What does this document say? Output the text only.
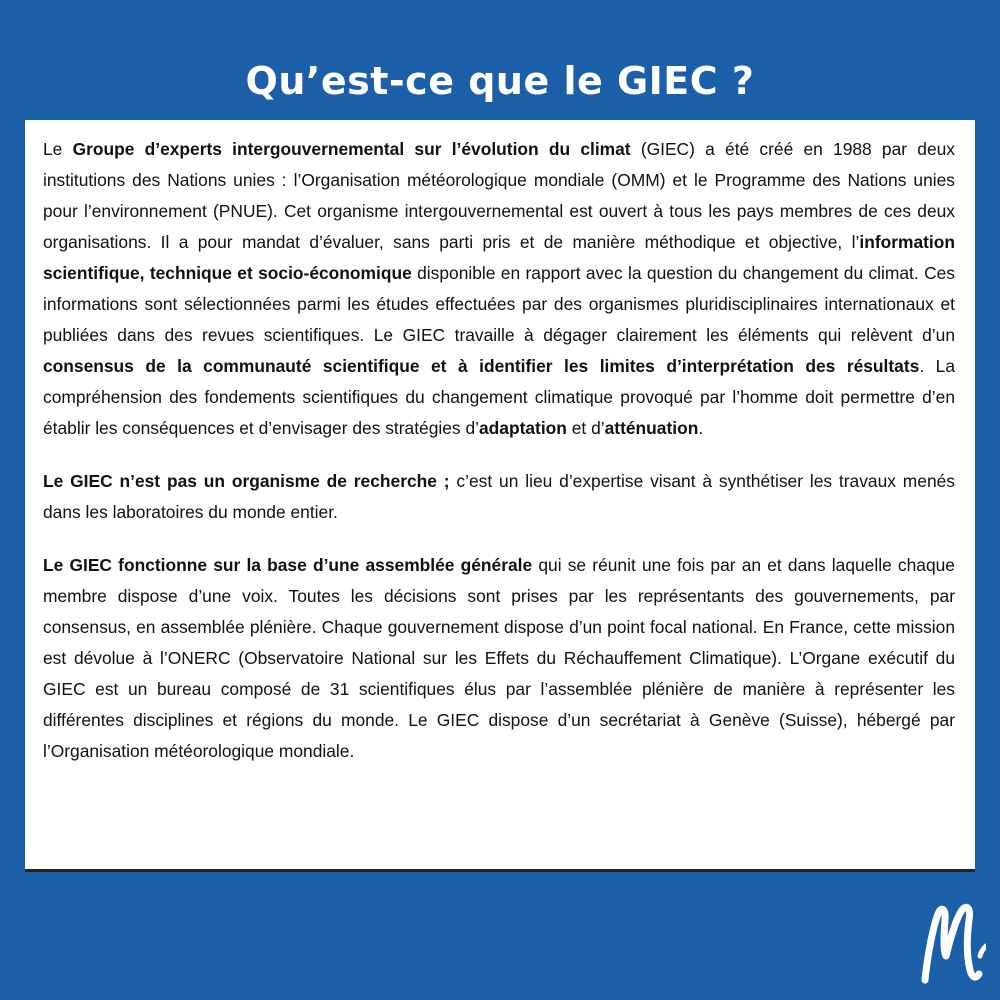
Qu’est-ce que le GIEC ?

Le Groupe d’experts intergouvernemental sur l’évolution du climat (GIEC) a été créé en 1988 par deux institutions des Nations unies : l’Organisation météorologique mondiale (OMM) et le Programme des Nations unies pour l’environnement (PNUE). Cet organisme intergouvernemental est ouvert à tous les pays membres de ces deux organisations. Il a pour mandat d’évaluer, sans parti pris et de manière méthodique et objective, l’information scientifique, technique et socio-économique disponible en rapport avec la question du changement du climat. Ces informations sont sélectionnées parmi les études effectuées par des organismes pluridisciplinaires internationaux et publiées dans des revues scientifiques. Le GIEC travaille à dégager clairement les éléments qui relèvent d’un consensus de la communauté scientifique et à identifier les limites d’interprétation des résultats. La compréhension des fondements scientifiques du changement climatique provoqué par l’homme doit permettre d’en établir les conséquences et d’envisager des stratégies d’adaptation et d’atténuation.

Le GIEC n’est pas un organisme de recherche ; c’est un lieu d’expertise visant à synthétiser les travaux menés dans les laboratoires du monde entier.

Le GIEC fonctionne sur la base d’une assemblée générale qui se réunit une fois par an et dans laquelle chaque membre dispose d’une voix. Toutes les décisions sont prises par les représentants des gouvernements, par consensus, en assemblée plénière. Chaque gouvernement dispose d’un point focal national. En France, cette mission est dévolue à l’ONERC (Observatoire National sur les Effets du Réchauffement Climatique). L’Organe exécutif du GIEC est un bureau composé de 31 scientifiques élus par l’assemblée plénière de manière à représenter les différentes disciplines et régions du monde. Le GIEC dispose d’un secrétariat à Genève (Suisse), hébergé par l’Organisation météorologique mondiale.
